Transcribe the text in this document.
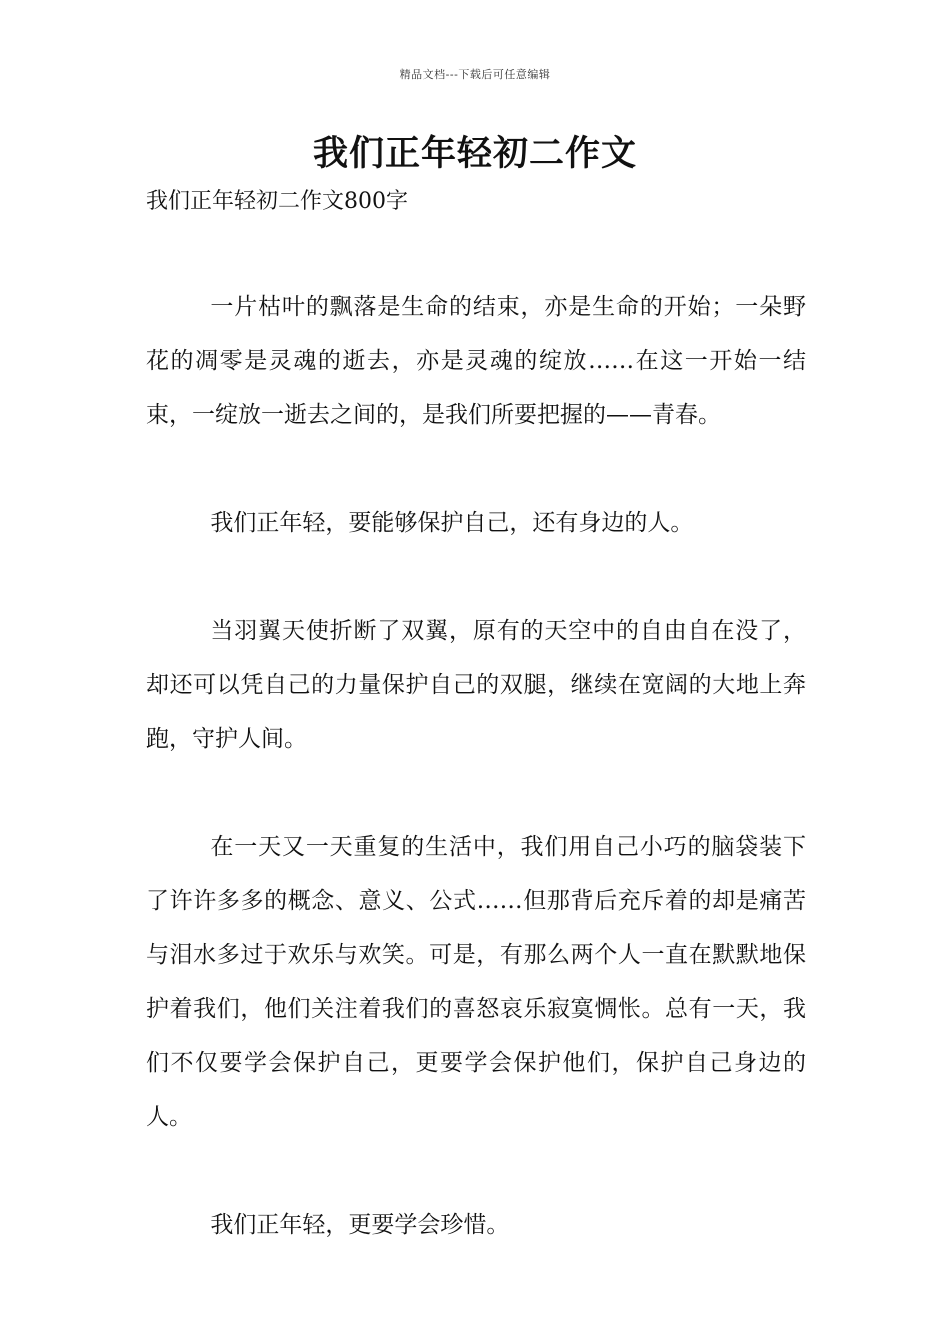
精品文档---下载后可任意编辑
我们正年轻初二作文

我们正年轻初二作文800字

一片枯叶的飘落是生命的结束，亦是生命的开始；一朵野花的凋零是灵魂的逝去，亦是灵魂的绽放……在这一开始一结束，一绽放一逝去之间的，是我们所要把握的——青春。

我们正年轻，要能够保护自己，还有身边的人。

当羽翼天使折断了双翼，原有的天空中的自由自在没了，却还可以凭自己的力量保护自己的双腿，继续在宽阔的大地上奔跑，守护人间。

在一天又一天重复的生活中，我们用自己小巧的脑袋装下了许许多多的概念、意义、公式……但那背后充斥着的却是痛苦与泪水多过于欢乐与欢笑。可是，有那么两个人一直在默默地保护着我们，他们关注着我们的喜怒哀乐寂寞惆怅。总有一天，我们不仅要学会保护自己，更要学会保护他们，保护自己身边的人。

我们正年轻，更要学会珍惜。
